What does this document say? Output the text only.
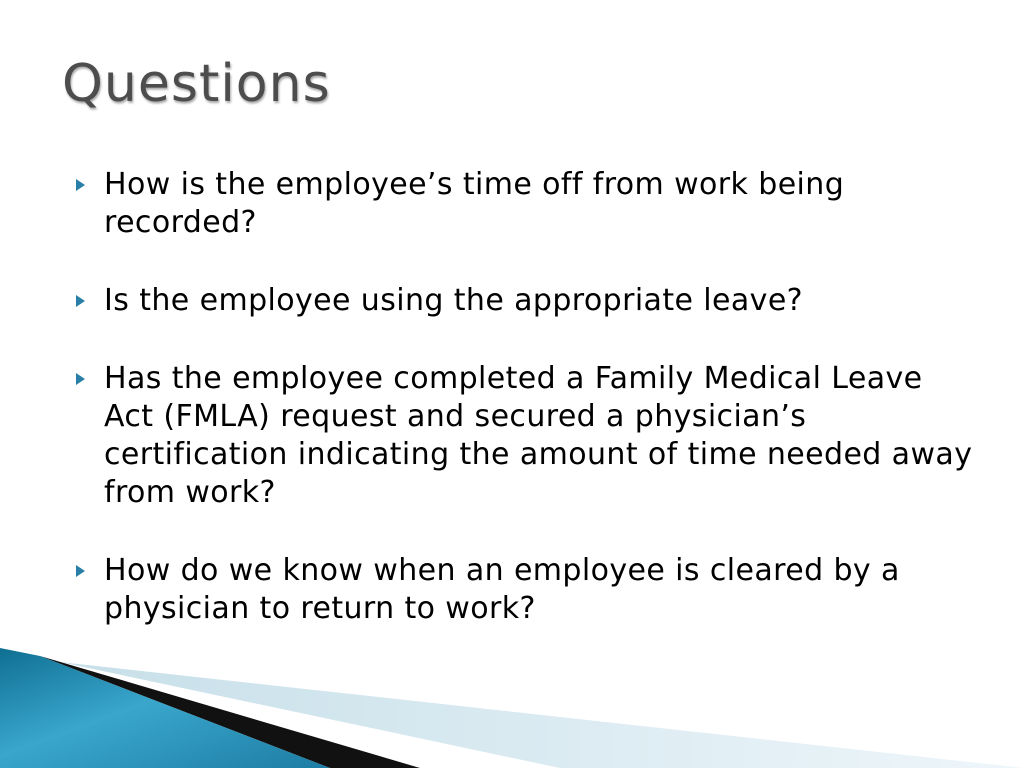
Questions
How is the employee’s time off from work being recorded?
Is the employee using the appropriate leave?
Has the employee completed a Family Medical Leave Act (FMLA) request and secured a physician’s certification indicating the amount of time needed away from work?
How do we know when an employee is cleared by a physician to return to work?
